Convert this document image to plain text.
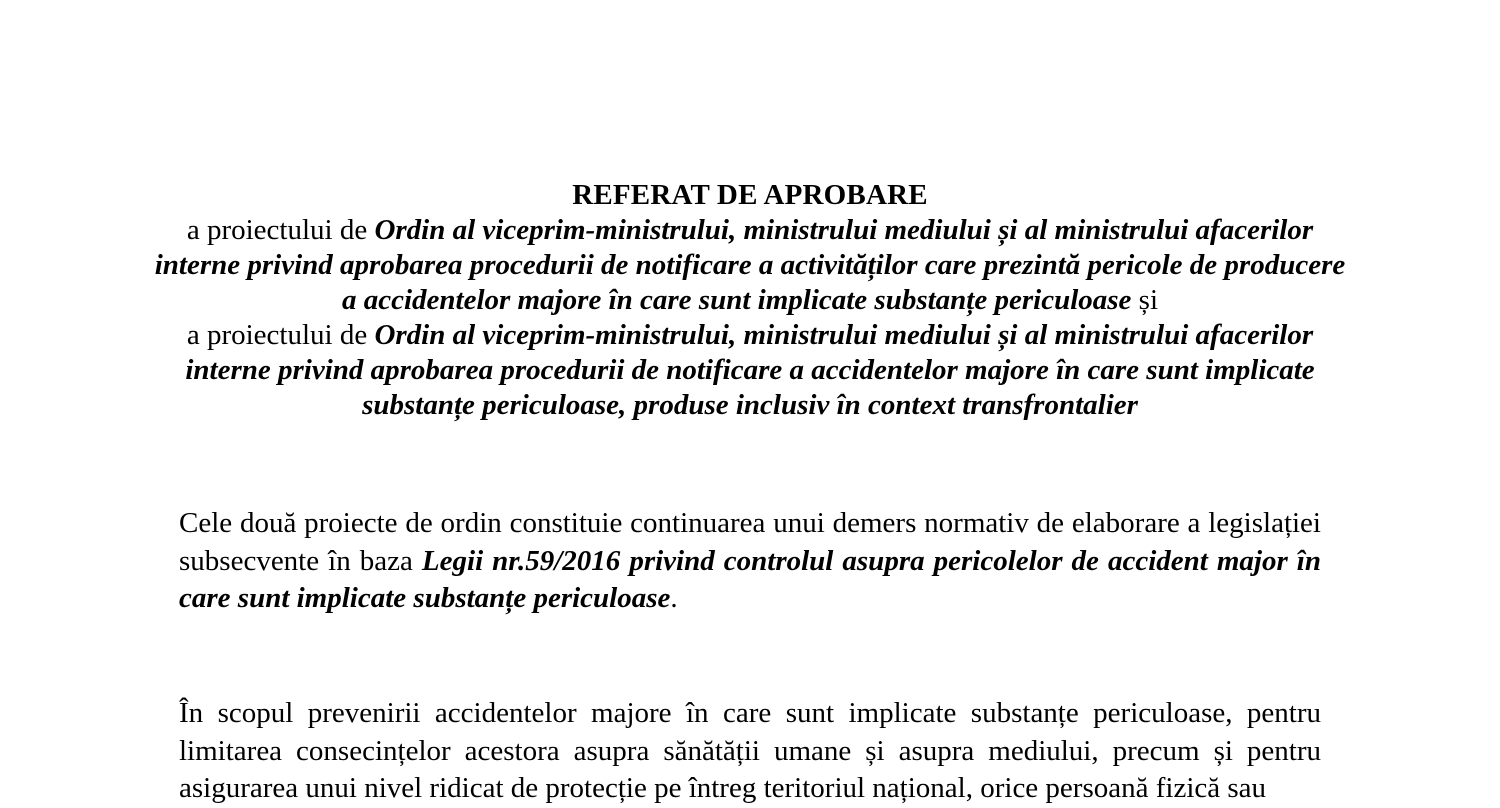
REFERAT DE APROBARE
a proiectului de Ordin al viceprim-ministrului, ministrului mediului și al ministrului afacerilor interne privind aprobarea procedurii de notificare a activităților care prezintă pericole de producere a accidentelor majore în care sunt implicate substanțe periculoase și
a proiectului de Ordin al viceprim-ministrului, ministrului mediului și al ministrului afacerilor interne privind aprobarea procedurii de notificare a accidentelor majore în care sunt implicate substanțe periculoase, produse inclusiv în context transfrontalier
Cele două proiecte de ordin constituie continuarea unui demers normativ de elaborare a legislației subsecvente în baza Legii nr.59/2016 privind controlul asupra pericolelor de accident major în care sunt implicate substanțe periculoase.
În scopul prevenirii accidentelor majore în care sunt implicate substanțe periculoase, pentru limitarea consecințelor acestora asupra sănătății umane și asupra mediului, precum și pentru asigurarea unui nivel ridicat de protecție pe întreg teritoriul național, orice persoană fizică sau
